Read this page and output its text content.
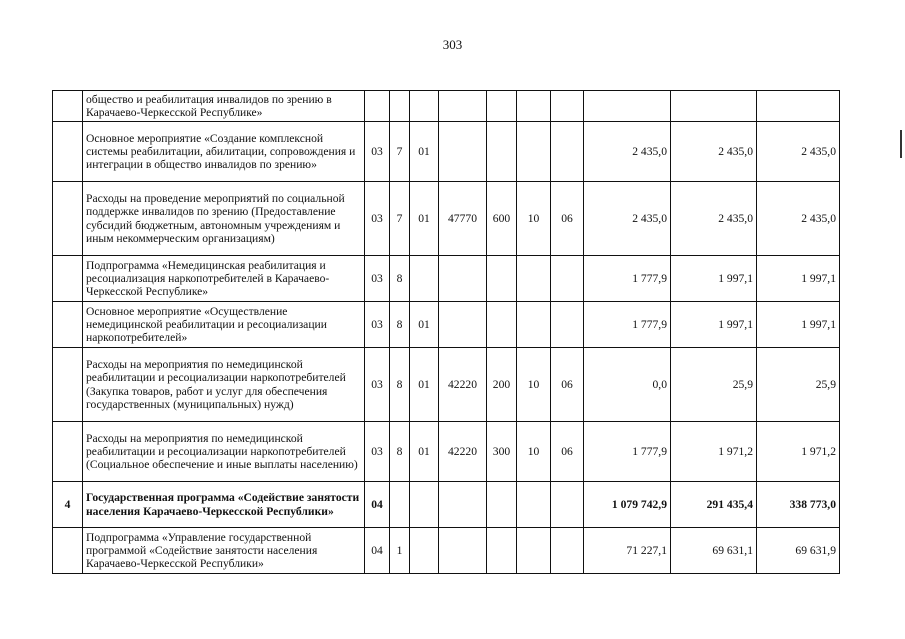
303
	общество и реабилитация инвалидов по зрению в Карачаево-Черкесской Республике»										
	Основное мероприятие «Создание комплексной системы реабилитации, абилитации, сопровождения и интеграции в общество инвалидов по зрению»	03	7	01					2 435,0	2 435,0	2 435,0
	Расходы на проведение мероприятий по социальной поддержке инвалидов по зрению (Предоставление субсидий бюджетным, автономным учреждениям и иным некоммерческим организациям)	03	7	01	47770	600	10	06	2 435,0	2 435,0	2 435,0
	Подпрограмма «Немедицинская реабилитация и ресоциализация наркопотребителей в Карачаево-Черкесской Республике»	03	8						1 777,9	1 997,1	1 997,1
	Основное мероприятие «Осуществление немедицинской реабилитации и ресоциализации наркопотребителей»	03	8	01					1 777,9	1 997,1	1 997,1
	Расходы на мероприятия по немедицинской реабилитации и ресоциализации наркопотребителей (Закупка товаров, работ и услуг для обеспечения государственных (муниципальных) нужд)	03	8	01	42220	200	10	06	0,0	25,9	25,9
	Расходы на мероприятия по немедицинской реабилитации и ресоциализации наркопотребителей (Социальное обеспечение и иные выплаты населению)	03	8	01	42220	300	10	06	1 777,9	1 971,2	1 971,2
4	Государственная программа «Содействие занятости населения Карачаево-Черкесской Республики»	04							1 079 742,9	291 435,4	338 773,0
	Подпрограмма «Управление государственной программой «Содействие занятости населения Карачаево-Черкесской Республики»	04	1						71 227,1	69 631,1	69 631,9
